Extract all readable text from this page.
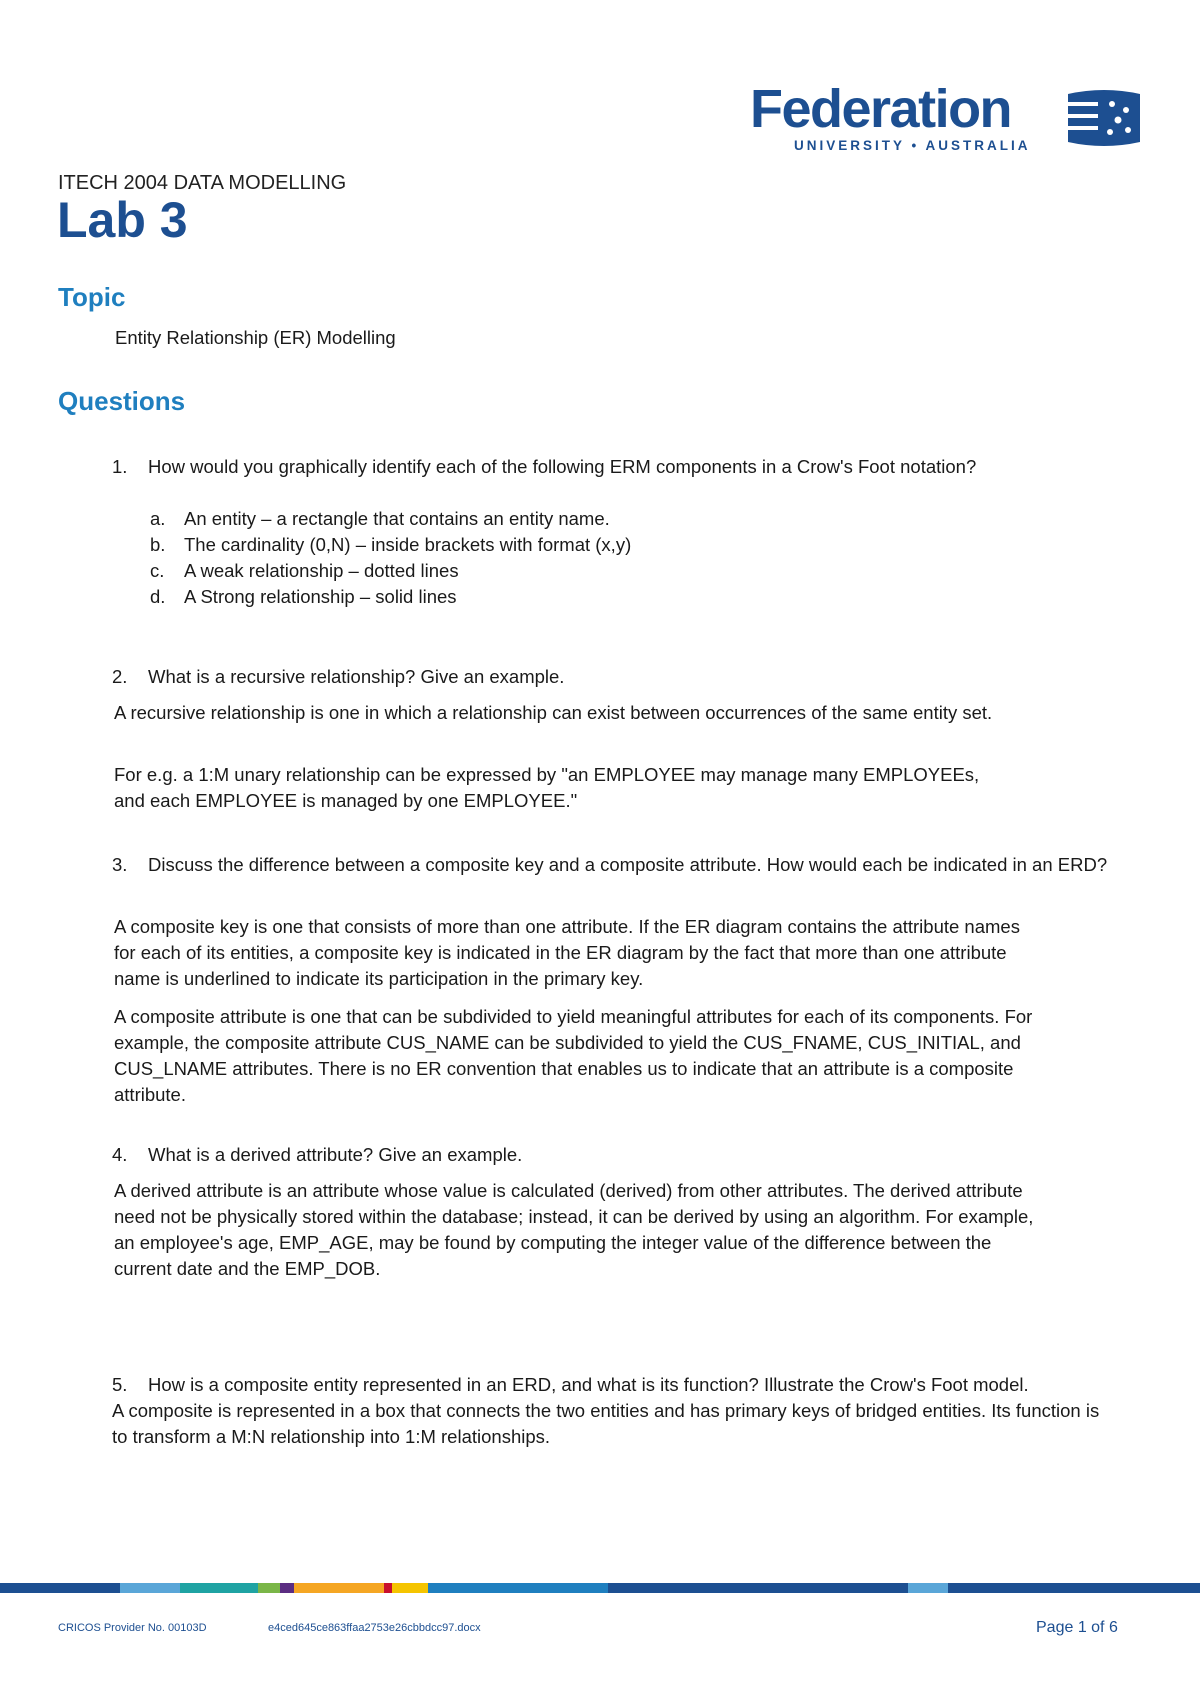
Federation
UNIVERSITY • AUSTRALIA
ITECH 2004 DATA MODELLING
Lab 3
Topic
Entity Relationship (ER) Modelling
Questions
1. How would you graphically identify each of the following ERM components in a Crow's Foot notation?
a. An entity – a rectangle that contains an entity name.
b. The cardinality (0,N) – inside brackets with format (x,y)
c. A weak relationship – dotted lines
d. A Strong relationship – solid lines
2. What is a recursive relationship? Give an example.
A recursive relationship is one in which a relationship can exist between occurrences of the same entity set.
For e.g. a 1:M unary relationship can be expressed by "an EMPLOYEE may manage many EMPLOYEEs, and each EMPLOYEE is managed by one EMPLOYEE."
3. Discuss the difference between a composite key and a composite attribute. How would each be indicated in an ERD?
A composite key is one that consists of more than one attribute. If the ER diagram contains the attribute names for each of its entities, a composite key is indicated in the ER diagram by the fact that more than one attribute name is underlined to indicate its participation in the primary key.
A composite attribute is one that can be subdivided to yield meaningful attributes for each of its components. For example, the composite attribute CUS_NAME can be subdivided to yield the CUS_FNAME, CUS_INITIAL, and CUS_LNAME attributes. There is no ER convention that enables us to indicate that an attribute is a composite attribute.
4. What is a derived attribute? Give an example.
A derived attribute is an attribute whose value is calculated (derived) from other attributes. The derived attribute need not be physically stored within the database; instead, it can be derived by using an algorithm. For example, an employee's age, EMP_AGE, may be found by computing the integer value of the difference between the current date and the EMP_DOB.
5. How is a composite entity represented in an ERD, and what is its function? Illustrate the Crow's Foot model.
A composite is represented in a box that connects the two entities and has primary keys of bridged entities. Its function is to transform a M:N relationship into 1:M relationships.
CRICOS Provider No. 00103D	e4ced645ce863ffaa2753e26cbbdcc97.docx	Page 1 of 6
